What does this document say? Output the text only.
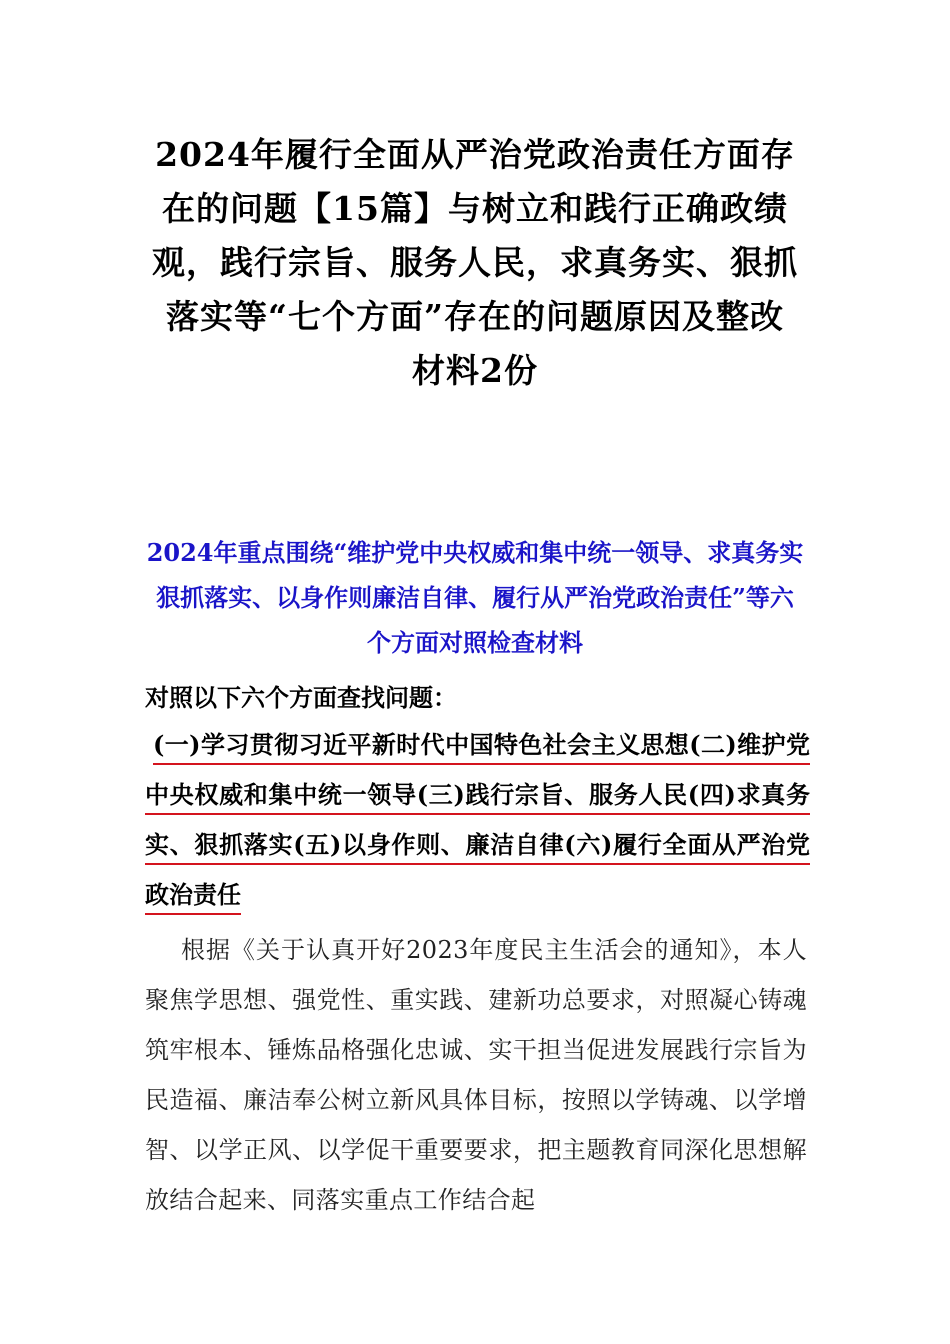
2024年履行全面从严治党政治责任方面存在的问题【15篇】与树立和践行正确政绩观，践行宗旨、服务人民，求真务实、狠抓落实等“七个方面”存在的问题原因及整改材料2份
2024年重点围绕“维护党中央权威和集中统一领导、求真务实狠抓落实、以身作则廉洁自律、履行从严治党政治责任”等六个方面对照检查材料

对照以下六个方面查找问题：

(一)学习贯彻习近平新时代中国特色社会主义思想(二)维护党中央权威和集中统一领导(三)践行宗旨、服务人民(四)求真务实、狠抓落实(五)以身作则、廉洁自律(六)履行全面从严治党政治责任

根据《关于认真开好2023年度民主生活会的通知》，本人聚焦学思想、强党性、重实践、建新功总要求，对照凝心铸魂筑牢根本、锤炼品格强化忠诚、实干担当促进发展践行宗旨为民造福、廉洁奉公树立新风具体目标，按照以学铸魂、以学增智、以学正风、以学促干重要要求，把主题教育同深化思想解放结合起来、同落实重点工作结合起
